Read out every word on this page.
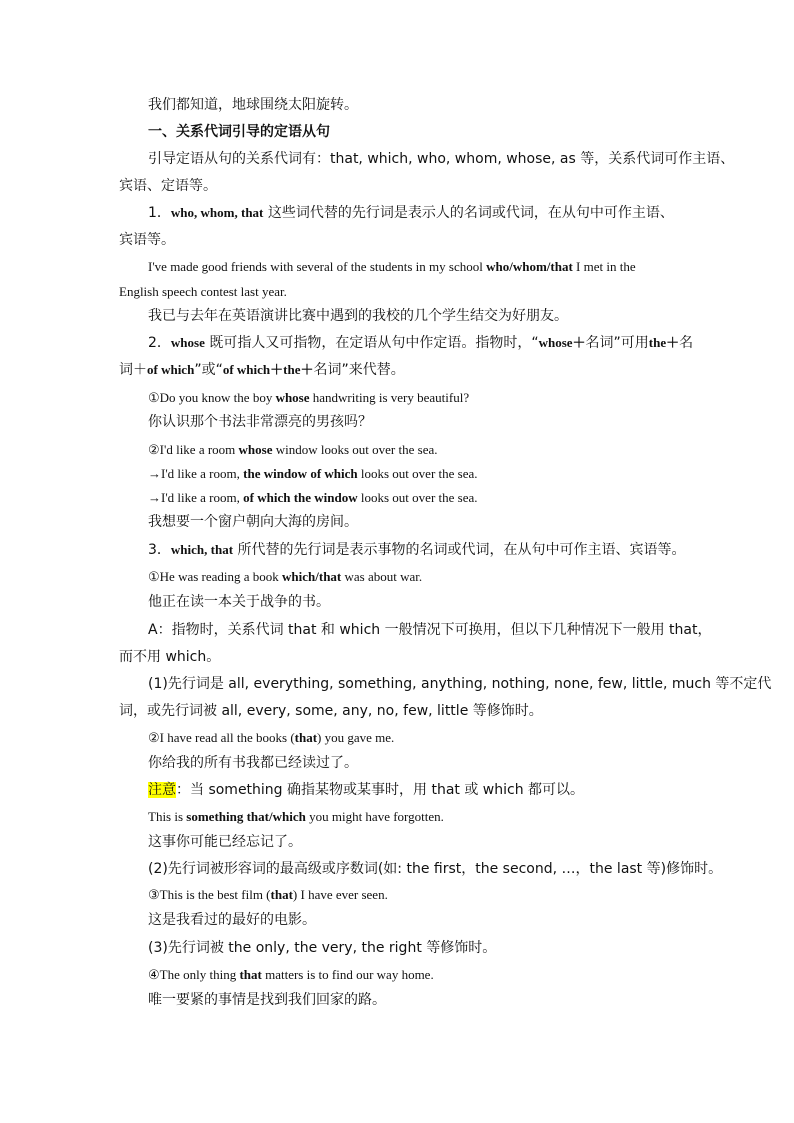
我们都知道，地球围绕太阳旋转。
一、关系代词引导的定语从句
引导定语从句的关系代词有：that, which, who, whom, whose, as 等，关系代词可作主语、
宾语、定语等。
1．who, whom, that 这些词代替的先行词是表示人的名词或代词，在从句中可作主语、
宾语等。
I've made good friends with several of the students in my school who/whom/that I met in the
English speech contest last year.
我已与去年在英语演讲比赛中遇到的我校的几个学生结交为好朋友。
2．whose 既可指人又可指物，在定语从句中作定语。指物时，“whose＋名词”可用the＋名
词＋of which”或“of which＋the＋名词”来代替。
①Do you know the boy whose handwriting is very beautiful?
你认识那个书法非常漂亮的男孩吗？
②I'd like a room whose window looks out over the sea.
→I'd like a room, the window of which looks out over the sea.
→I'd like a room, of which the window looks out over the sea.
我想要一个窗户朝向大海的房间。
3．which, that 所代替的先行词是表示事物的名词或代词，在从句中可作主语、宾语等。
①He was reading a book which/that was about war.
他正在读一本关于战争的书。
A：指物时，关系代词 that 和 which 一般情况下可换用，但以下几种情况下一般用 that，
而不用 which。
(1)先行词是 all, everything, something, anything, nothing, none, few, little, much 等不定代
词，或先行词被 all, every, some, any, no, few, little 等修饰时。
②I have read all the books (that) you gave me.
你给我的所有书我都已经读过了。
注意：当 something 确指某物或某事时，用 that 或 which 都可以。
This is something that/which you might have forgotten.
这事你可能已经忘记了。
(2)先行词被形容词的最高级或序数词(如: the first，the second, …，the last 等)修饰时。
③This is the best film (that) I have ever seen.
这是我看过的最好的电影。
(3)先行词被 the only, the very, the right 等修饰时。
④The only thing that matters is to find our way home.
唯一要紧的事情是找到我们回家的路。
